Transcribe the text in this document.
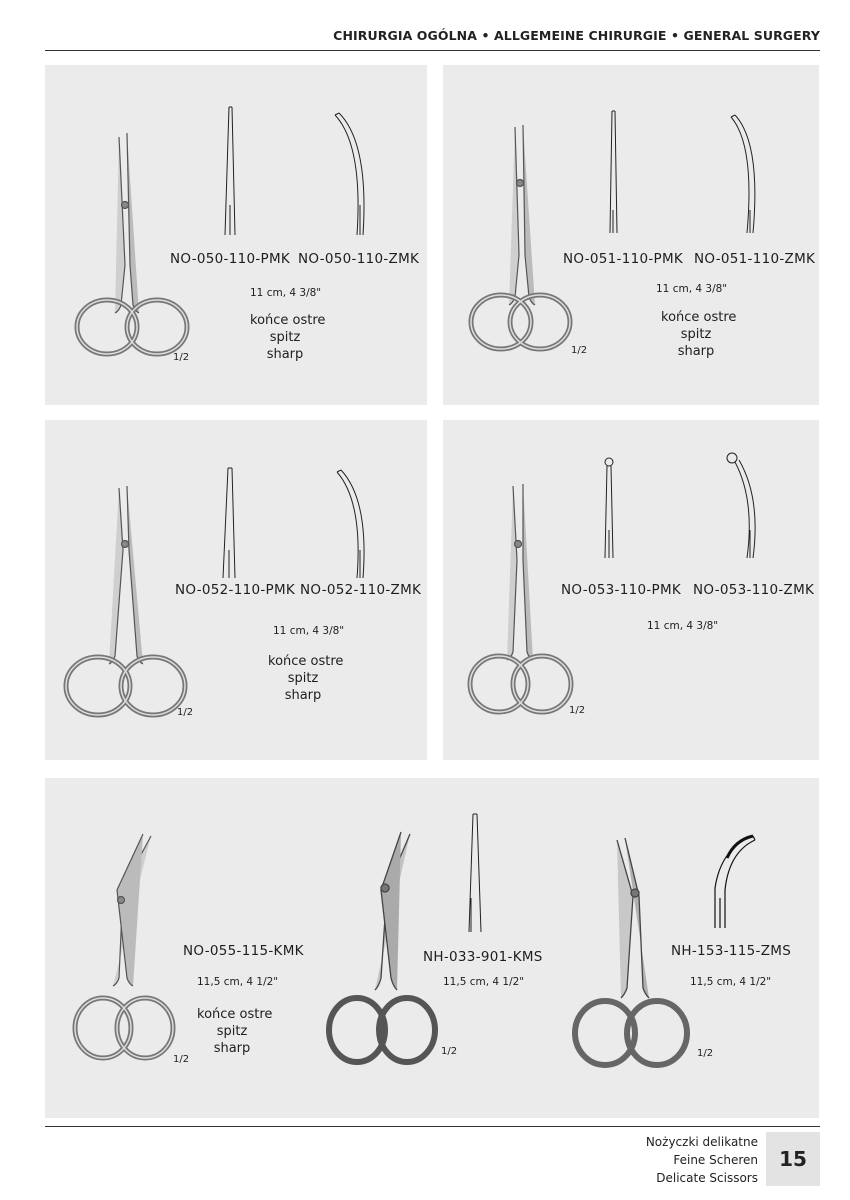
CHIRURGIA OGÓLNA • ALLGEMEINE CHIRURGIE • GENERAL SURGERY
NO-050-110-PMK NO-050-110-ZMK
11 cm, 4 3/8"
końce ostre
spitz
sharp
1/2
NO-051-110-PMK NO-051-110-ZMK
11 cm, 4 3/8"
końce ostre
spitz
sharp
1/2
NO-052-110-PMK NO-052-110-ZMK
11 cm, 4 3/8"
końce ostre
spitz
sharp
1/2
NO-053-110-PMK NO-053-110-ZMK
11 cm, 4 3/8"
1/2
NO-055-115-KMK
11,5 cm, 4 1/2"
końce ostre
spitz
sharp
1/2
NH-033-901-KMS
11,5 cm, 4 1/2"
1/2
NH-153-115-ZMS
11,5 cm, 4 1/2"
1/2
Nożyczki delikatne
Feine Scheren
Delicate Scissors
15
